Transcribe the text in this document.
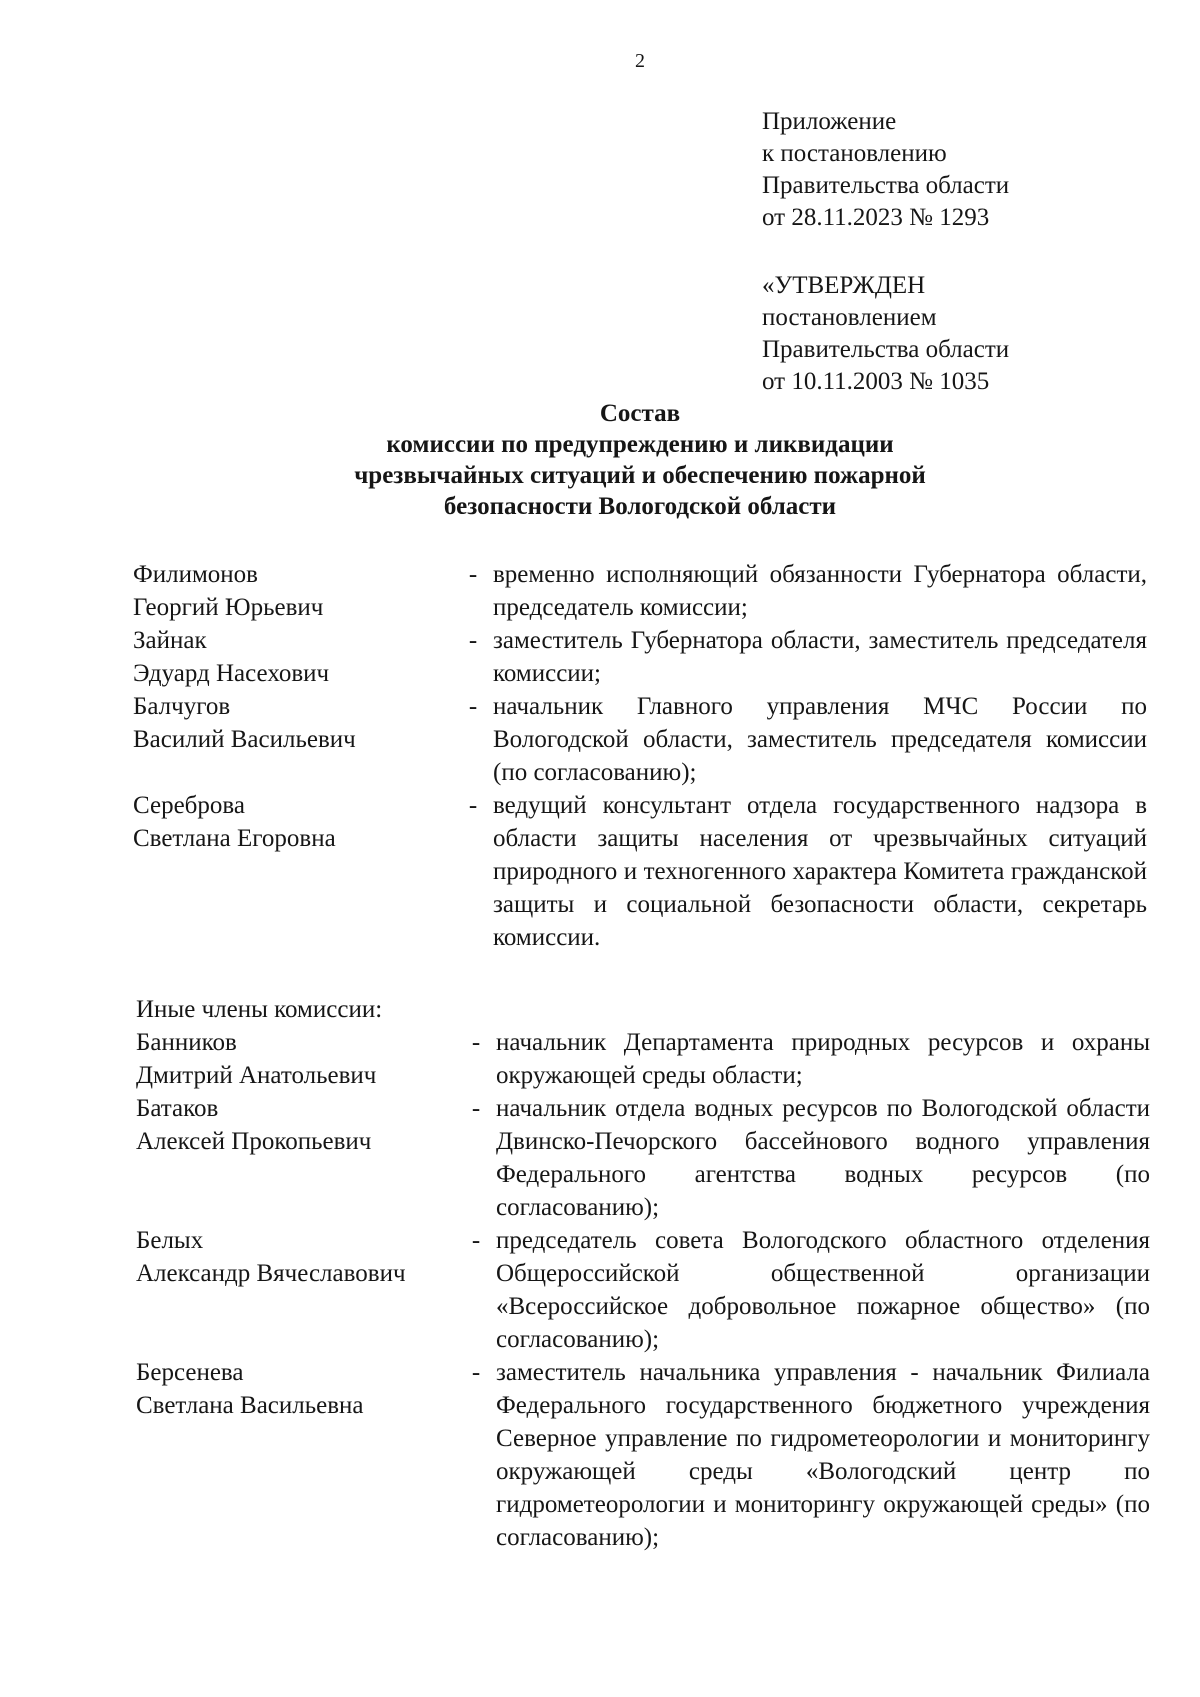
2
Приложение
к постановлению
Правительства области
от 28.11.2023 № 1293
«УТВЕРЖДЕН
постановлением
Правительства области
от 10.11.2003 № 1035
Состав
комиссии по предупреждению и ликвидации
чрезвычайных ситуаций и обеспечению пожарной
безопасности Вологодской области
Филимонов
Георгий Юрьевич
- временно исполняющий обязанности Губернатора области, председатель комиссии;
Зайнак
Эдуард Насехович
- заместитель Губернатора области, заместитель председателя комиссии;
Балчугов
Василий Васильевич
- начальник Главного управления МЧС России по Вологодской области, заместитель председателя комиссии (по согласованию);
Сереброва
Светлана Егоровна
- ведущий консультант отдела государственного надзора в области защиты населения от чрезвычайных ситуаций природного и техногенного характера Комитета гражданской защиты и социальной безопасности области, секретарь комиссии.
Иные члены комиссии:
Банников
Дмитрий Анатольевич
- начальник Департамента природных ресурсов и охраны окружающей среды области;
Батаков
Алексей Прокопьевич
- начальник отдела водных ресурсов по Вологодской области Двинско-Печорского бассейнового водного управления Федерального агентства водных ресурсов (по согласованию);
Белых
Александр Вячеславович
- председатель совета Вологодского областного отделения Общероссийской общественной организации «Всероссийское добровольное пожарное общество» (по согласованию);
Берсенева
Светлана Васильевна
- заместитель начальника управления - начальник Филиала Федерального государственного бюджетного учреждения Северное управление по гидрометеорологии и мониторингу окружающей среды «Вологодский центр по гидрометеорологии и мониторингу окружающей среды» (по согласованию);
